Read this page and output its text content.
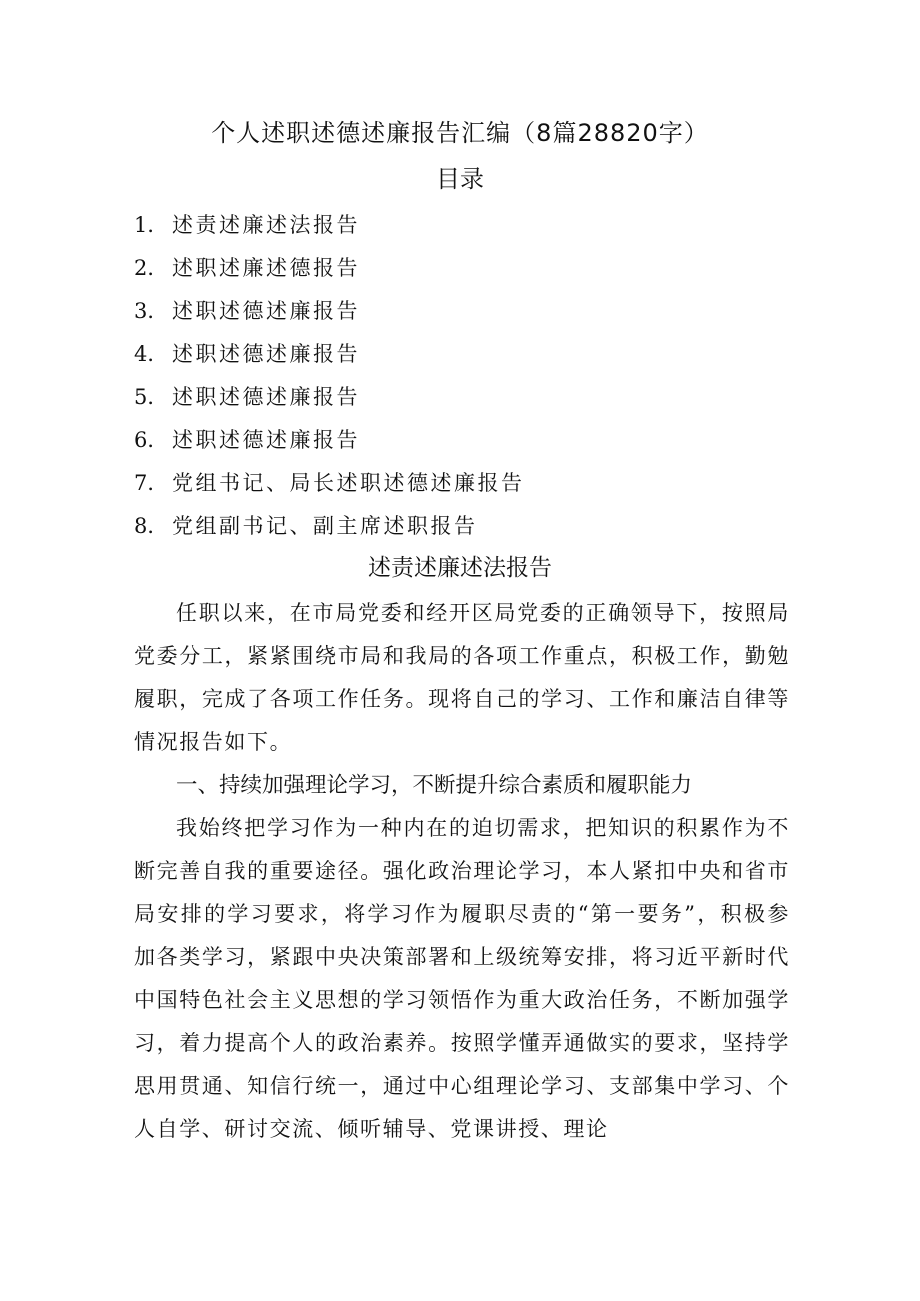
个人述职述德述廉报告汇编（8篇28820字）
目录
1． 述责述廉述法报告
2． 述职述廉述德报告
3． 述职述德述廉报告
4． 述职述德述廉报告
5． 述职述德述廉报告
6． 述职述德述廉报告
7． 党组书记、局长述职述德述廉报告
8． 党组副书记、副主席述职报告
述责述廉述法报告

任职以来，在市局党委和经开区局党委的正确领导下，按照局党委分工，紧紧围绕市局和我局的各项工作重点，积极工作，勤勉履职，完成了各项工作任务。现将自己的学习、工作和廉洁自律等情况报告如下。

一、持续加强理论学习，不断提升综合素质和履职能力

我始终把学习作为一种内在的迫切需求，把知识的积累作为不断完善自我的重要途径。强化政治理论学习，本人紧扣中央和省市局安排的学习要求，将学习作为履职尽责的“第一要务”，积极参加各类学习，紧跟中央决策部署和上级统筹安排，将习近平新时代中国特色社会主义思想的学习领悟作为重大政治任务，不断加强学习，着力提高个人的政治素养。按照学懂弄通做实的要求，坚持学思用贯通、知信行统一，通过中心组理论学习、支部集中学习、个人自学、研讨交流、倾听辅导、党课讲授、理论
